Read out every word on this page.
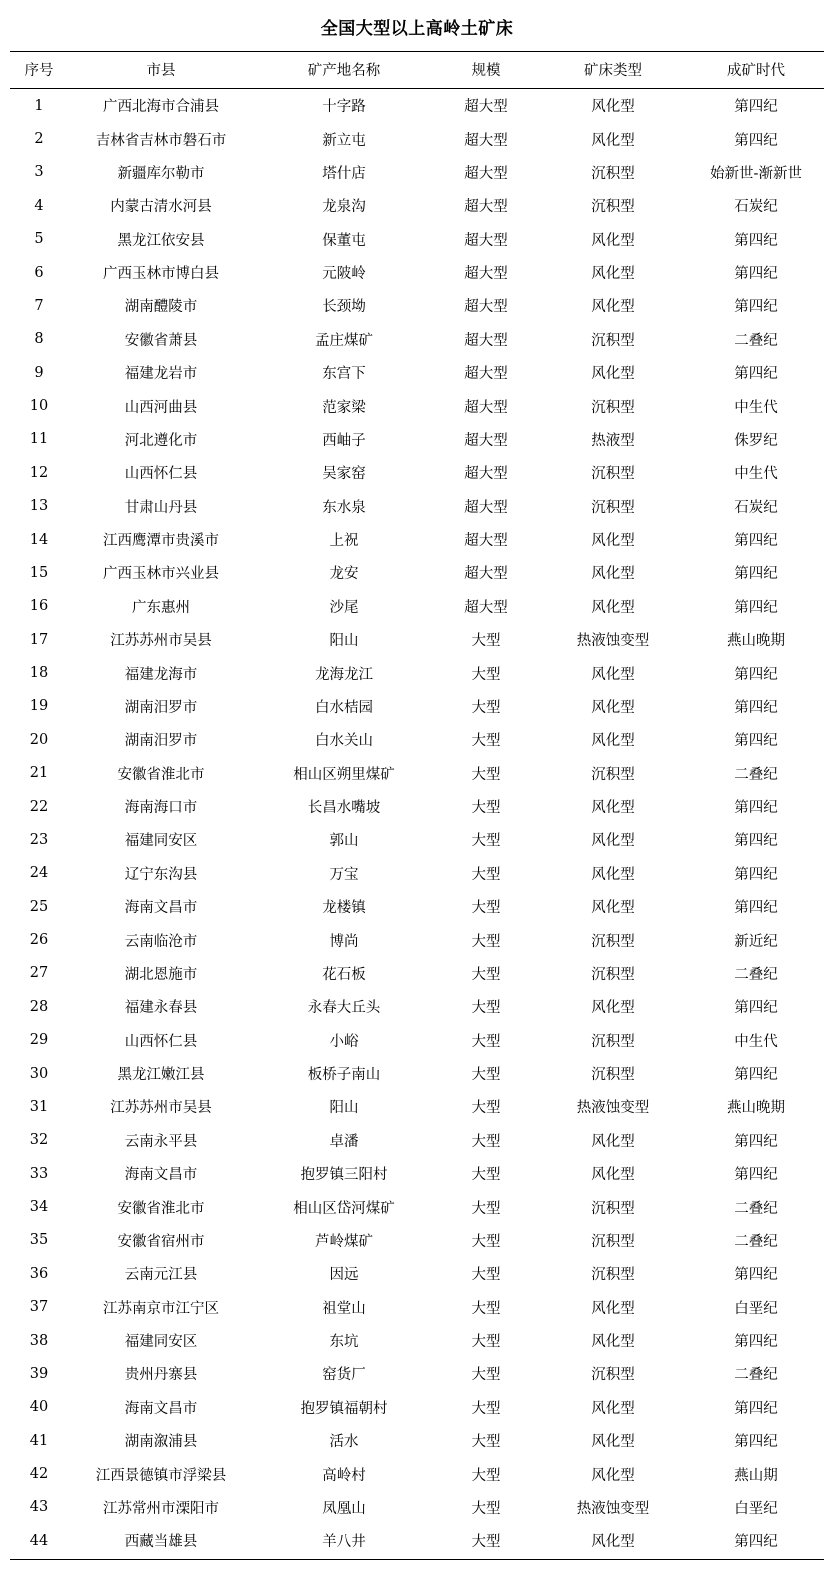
全国大型以上高岭土矿床
序号	市县	矿产地名称	规模	矿床类型	成矿时代
1	广西北海市合浦县	十字路	超大型	风化型	第四纪
2	吉林省吉林市磐石市	新立屯	超大型	风化型	第四纪
3	新疆库尔勒市	塔什店	超大型	沉积型	始新世-渐新世
4	内蒙古清水河县	龙泉沟	超大型	沉积型	石炭纪
5	黑龙江依安县	保董屯	超大型	风化型	第四纪
6	广西玉林市博白县	元陂岭	超大型	风化型	第四纪
7	湖南醴陵市	长颈坳	超大型	风化型	第四纪
8	安徽省萧县	孟庄煤矿	超大型	沉积型	二叠纪
9	福建龙岩市	东宫下	超大型	风化型	第四纪
10	山西河曲县	范家梁	超大型	沉积型	中生代
11	河北遵化市	西岫子	超大型	热液型	侏罗纪
12	山西怀仁县	吴家窑	超大型	沉积型	中生代
13	甘肃山丹县	东水泉	超大型	沉积型	石炭纪
14	江西鹰潭市贵溪市	上祝	超大型	风化型	第四纪
15	广西玉林市兴业县	龙安	超大型	风化型	第四纪
16	广东惠州	沙尾	超大型	风化型	第四纪
17	江苏苏州市吴县	阳山	大型	热液蚀变型	燕山晚期
18	福建龙海市	龙海龙江	大型	风化型	第四纪
19	湖南汨罗市	白水桔园	大型	风化型	第四纪
20	湖南汨罗市	白水关山	大型	风化型	第四纪
21	安徽省淮北市	相山区朔里煤矿	大型	沉积型	二叠纪
22	海南海口市	长昌水嘴坡	大型	风化型	第四纪
23	福建同安区	郭山	大型	风化型	第四纪
24	辽宁东沟县	万宝	大型	风化型	第四纪
25	海南文昌市	龙楼镇	大型	风化型	第四纪
26	云南临沧市	博尚	大型	沉积型	新近纪
27	湖北恩施市	花石板	大型	沉积型	二叠纪
28	福建永春县	永春大丘头	大型	风化型	第四纪
29	山西怀仁县	小峪	大型	沉积型	中生代
30	黑龙江嫩江县	板桥子南山	大型	沉积型	第四纪
31	江苏苏州市吴县	阳山	大型	热液蚀变型	燕山晚期
32	云南永平县	卓潘	大型	风化型	第四纪
33	海南文昌市	抱罗镇三阳村	大型	风化型	第四纪
34	安徽省淮北市	相山区岱河煤矿	大型	沉积型	二叠纪
35	安徽省宿州市	芦岭煤矿	大型	沉积型	二叠纪
36	云南元江县	因远	大型	沉积型	第四纪
37	江苏南京市江宁区	祖堂山	大型	风化型	白垩纪
38	福建同安区	东坑	大型	风化型	第四纪
39	贵州丹寨县	窑货厂	大型	沉积型	二叠纪
40	海南文昌市	抱罗镇福朝村	大型	风化型	第四纪
41	湖南溆浦县	活水	大型	风化型	第四纪
42	江西景德镇市浮梁县	高岭村	大型	风化型	燕山期
43	江苏常州市溧阳市	凤凰山	大型	热液蚀变型	白垩纪
44	西藏当雄县	羊八井	大型	风化型	第四纪
